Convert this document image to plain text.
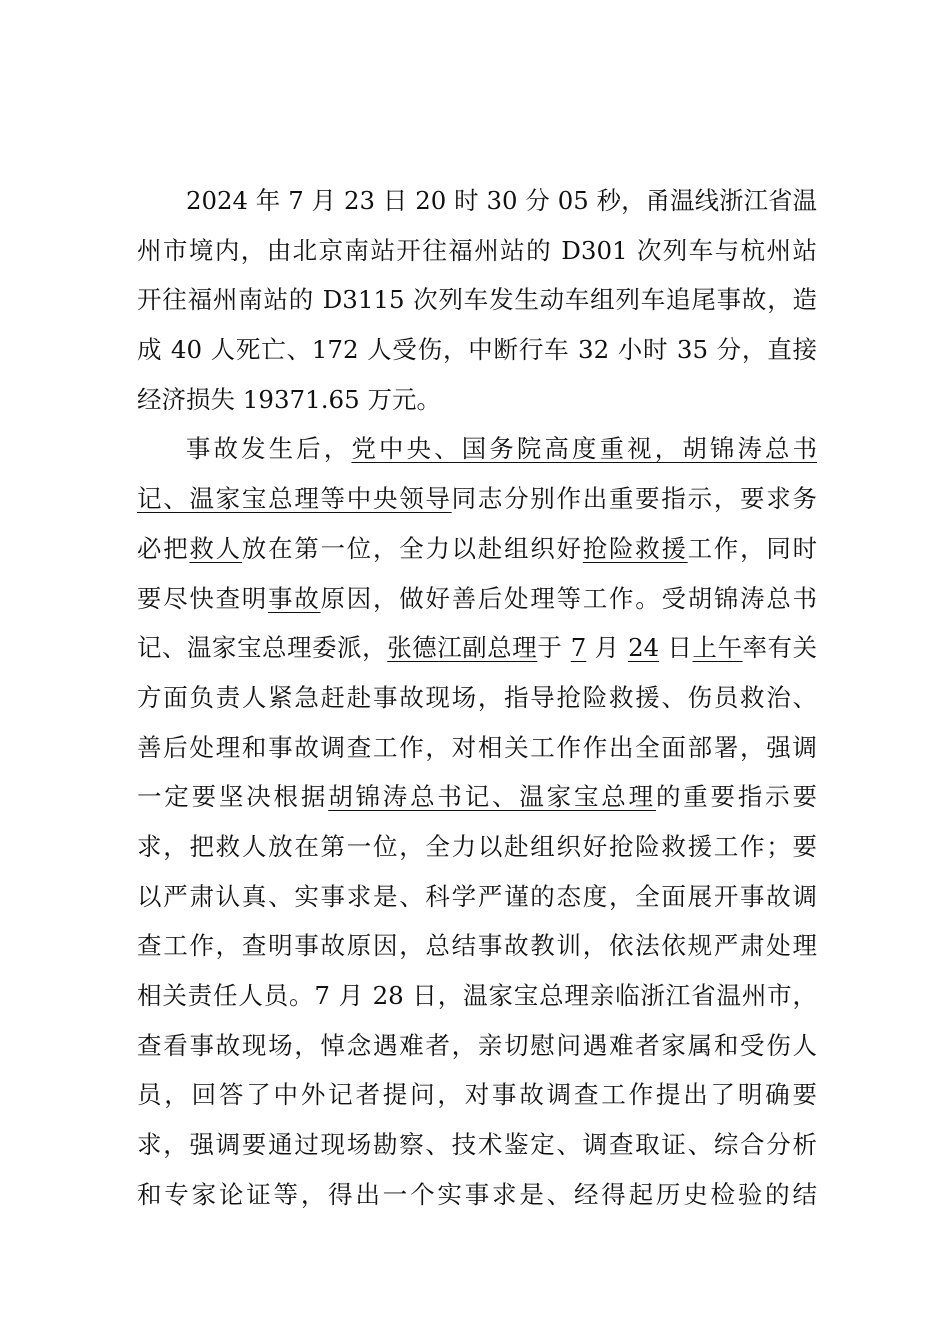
2024 年 7 月 23 日 20 时 30 分 05 秒，甬温线浙江省温
州市境内，由北京南站开往福州站的 D301 次列车与杭州站
开往福州南站的 D3115 次列车发生动车组列车追尾事故，造
成 40 人死亡、172 人受伤，中断行车 32 小时 35 分，直接
经济损失 19371.65 万元。
事故发生后，党中央、国务院高度重视，胡锦涛总书
记、温家宝总理等中央领导同志分别作出重要指示，要求务
必把救人放在第一位，全力以赴组织好抢险救援工作，同时
要尽快查明事故原因，做好善后处理等工作。受胡锦涛总书
记、温家宝总理委派，张德江副总理于 7 月 24 日上午率有关
方面负责人紧急赶赴事故现场，指导抢险救援、伤员救治、
善后处理和事故调查工作，对相关工作作出全面部署，强调
一定要坚决根据胡锦涛总书记、温家宝总理的重要指示要
求，把救人放在第一位，全力以赴组织好抢险救援工作；要
以严肃认真、实事求是、科学严谨的态度，全面展开事故调
查工作，查明事故原因，总结事故教训，依法依规严肃处理
相关责任人员。7 月 28 日，温家宝总理亲临浙江省温州市，
查看事故现场，悼念遇难者，亲切慰问遇难者家属和受伤人
员，回答了中外记者提问，对事故调查工作提出了明确要
求，强调要通过现场勘察、技术鉴定、调查取证、综合分析
和专家论证等，得出一个实事求是、经得起历史检验的结
